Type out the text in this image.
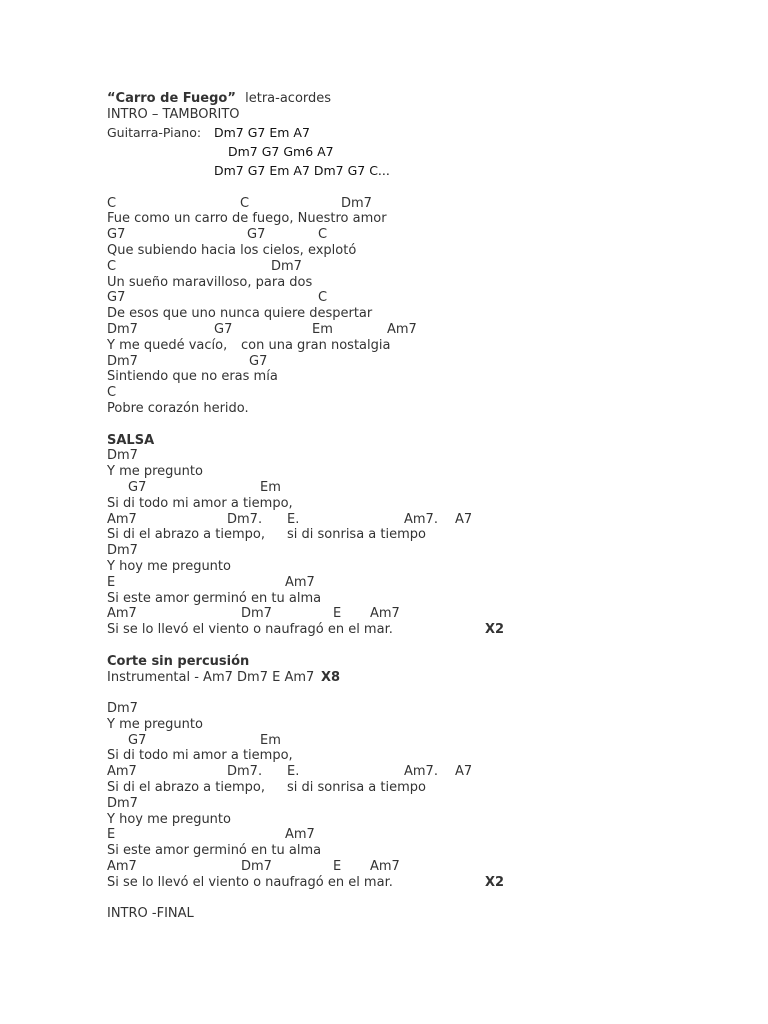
“Carro de Fuego”

letra-acordes

INTRO – TAMBORITO

Guitarra-Piano:

Dm7 G7 Em A7

Dm7 G7 Gm6 A7

Dm7 G7 Em A7 Dm7 G7 C...

C

	C

	Dm7

Fue como un carro de fuego, Nuestro amor

G7

	G7

	C

Que subiendo hacia los cielos, explotó

C

	Dm7

Un sueño maravilloso, para dos

G7

	C

De esos que uno nunca quiere despertar

Dm7

	G7

	Em

	Am7

Y me quedé vacío,

con una gran nostalgia

Dm7

	G7

Sintiendo que no eras mía

C

Pobre corazón herido.
SALSA
Dm7
Y me pregunto

G7

	Em

Si di todo mi amor a tiempo,

Am7

	Dm7.

E.

	Am7.

A7

Si di el abrazo a tiempo,

si di sonrisa a tiempo

Dm7
Y hoy me pregunto

E

	Am7

Si este amor germinó en tu alma

Am7

	Dm7

	E

Am7

Si se lo llevó el viento o naufragó en el mar.

	X2

Corte sin percusión

Instrumental - Am7 Dm7 E Am7

X8

Dm7
Y me pregunto

G7

	Em

Si di todo mi amor a tiempo,

Am7

	Dm7.

E.

	Am7.

A7

Si di el abrazo a tiempo,

si di sonrisa a tiempo

Dm7
Y hoy me pregunto

E

	Am7

Si este amor germinó en tu alma

Am7

	Dm7

	E

Am7

Si se lo llevó el viento o naufragó en el mar.

	X2

INTRO -FINAL
